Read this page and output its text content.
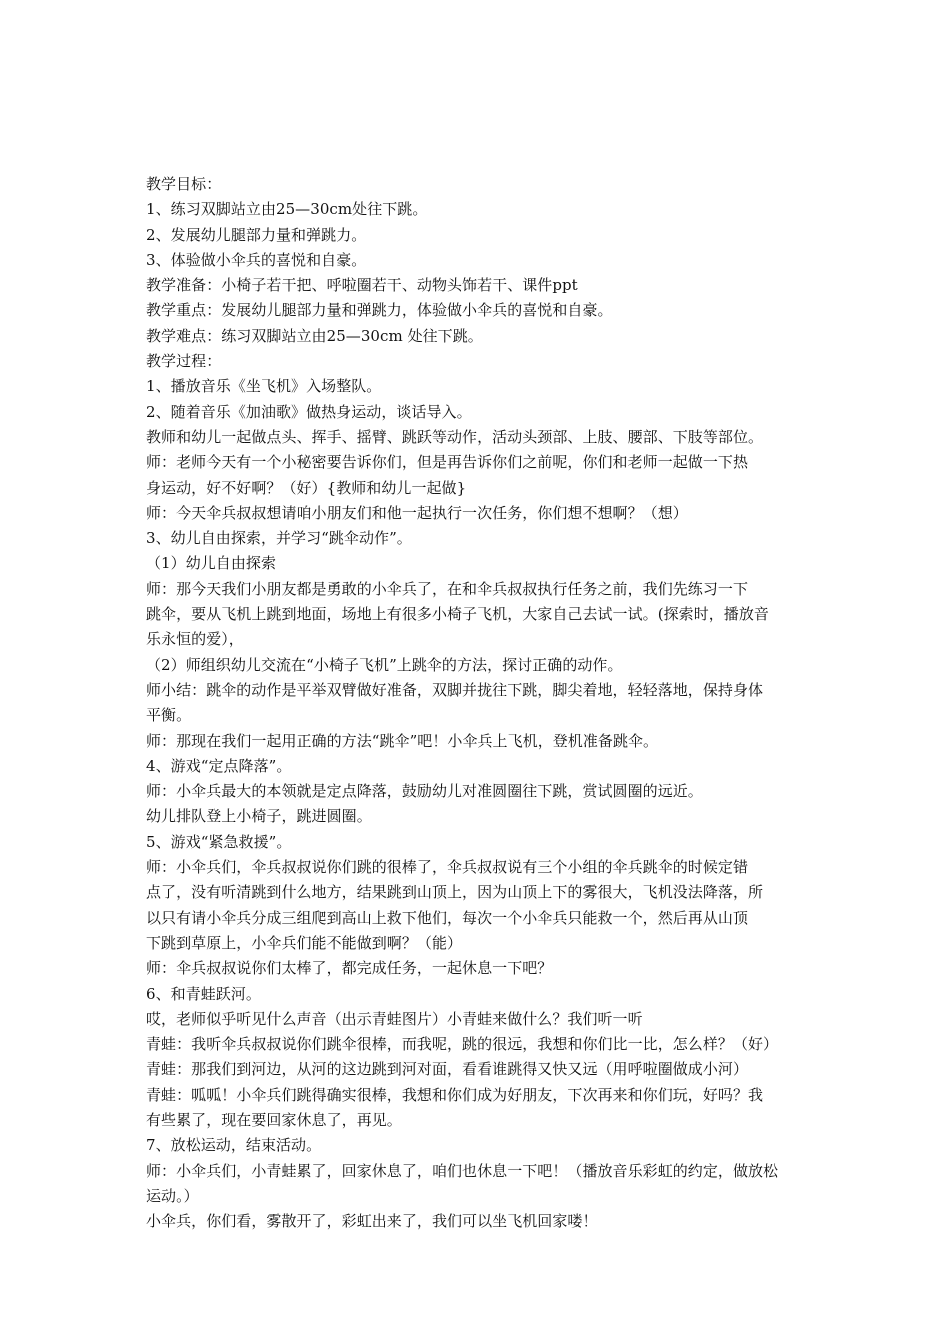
教学目标：
1、练习双脚站立由25—30cm处往下跳。
2、发展幼儿腿部力量和弹跳力。
3、体验做小伞兵的喜悦和自豪。
教学准备：小椅子若干把、呼啦圈若干、动物头饰若干、课件ppt
教学重点：发展幼儿腿部力量和弹跳力，体验做小伞兵的喜悦和自豪。
教学难点：练习双脚站立由25—30cm 处往下跳。
教学过程：
1、播放音乐《坐飞机》入场整队。
2、随着音乐《加油歌》做热身运动，谈话导入。
教师和幼儿一起做点头、挥手、摇臂、跳跃等动作，活动头颈部、上肢、腰部、下肢等部位。
师：老师今天有一个小秘密要告诉你们，但是再告诉你们之前呢，你们和老师一起做一下热
身运动，好不好啊？（好）{教师和幼儿一起做}
师：今天伞兵叔叔想请咱小朋友们和他一起执行一次任务，你们想不想啊？（想）
3、幼儿自由探索，并学习“跳伞动作”。
（1）幼儿自由探索
师：那今天我们小朋友都是勇敢的小伞兵了，在和伞兵叔叔执行任务之前，我们先练习一下
跳伞，要从飞机上跳到地面，场地上有很多小椅子飞机，大家自己去试一试。(探索时，播放音
乐永恒的爱），
（2）师组织幼儿交流在“小椅子飞机”上跳伞的方法，探讨正确的动作。
师小结：跳伞的动作是平举双臂做好准备，双脚并拢往下跳，脚尖着地，轻轻落地，保持身体
平衡。
师：那现在我们一起用正确的方法“跳伞”吧！小伞兵上飞机，登机准备跳伞。
4、游戏“定点降落”。
师：小伞兵最大的本领就是定点降落，鼓励幼儿对准圆圈往下跳，赏试圆圈的远近。
幼儿排队登上小椅子，跳进圆圈。
5、游戏“紧急救援”。
师：小伞兵们，伞兵叔叔说你们跳的很棒了，伞兵叔叔说有三个小组的伞兵跳伞的时候定错
点了，没有听清跳到什么地方，结果跳到山顶上，因为山顶上下的雾很大，飞机没法降落，所
以只有请小伞兵分成三组爬到高山上救下他们，每次一个小伞兵只能救一个，然后再从山顶
下跳到草原上，小伞兵们能不能做到啊？（能）
师：伞兵叔叔说你们太棒了，都完成任务，一起休息一下吧？
6、和青蛙跃河。
哎，老师似乎听见什么声音（出示青蛙图片）小青蛙来做什么？我们听一听
青蛙：我听伞兵叔叔说你们跳伞很棒，而我呢，跳的很远，我想和你们比一比，怎么样？（好）
青蛙：那我们到河边，从河的这边跳到河对面，看看谁跳得又快又远（用呼啦圈做成小河）
青蛙：呱呱！小伞兵们跳得确实很棒，我想和你们成为好朋友，下次再来和你们玩，好吗？我
有些累了，现在要回家休息了，再见。
7、放松运动，结束活动。
师：小伞兵们，小青蛙累了，回家休息了，咱们也休息一下吧！（播放音乐彩虹的约定，做放松
运动。）
小伞兵，你们看，雾散开了，彩虹出来了，我们可以坐飞机回家喽！
